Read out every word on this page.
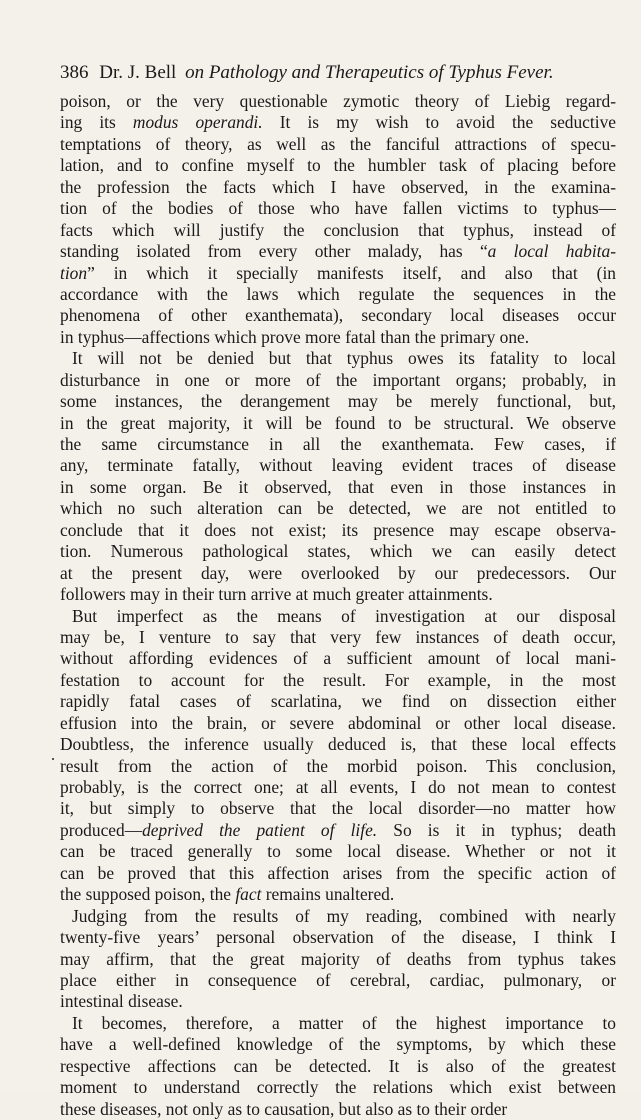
386 Dr. J. Bell on Pathology and Therapeutics of Typhus Fever.
poison, or the very questionable zymotic theory of Liebig regard-
ing its modus operandi. It is my wish to avoid the seductive
temptations of theory, as well as the fanciful attractions of specu-
lation, and to confine myself to the humbler task of placing before
the profession the facts which I have observed, in the examina-
tion of the bodies of those who have fallen victims to typhus—
facts which will justify the conclusion that typhus, instead of
standing isolated from every other malady, has “a local habita-
tion” in which it specially manifests itself, and also that (in
accordance with the laws which regulate the sequences in the
phenomena of other exanthemata), secondary local diseases occur
in typhus—affections which prove more fatal than the primary one.
It will not be denied but that typhus owes its fatality to local
disturbance in one or more of the important organs; probably, in
some instances, the derangement may be merely functional, but,
in the great majority, it will be found to be structural. We observe
the same circumstance in all the exanthemata. Few cases, if
any, terminate fatally, without leaving evident traces of disease
in some organ. Be it observed, that even in those instances in
which no such alteration can be detected, we are not entitled to
conclude that it does not exist; its presence may escape observa-
tion. Numerous pathological states, which we can easily detect
at the present day, were overlooked by our predecessors. Our
followers may in their turn arrive at much greater attainments.
But imperfect as the means of investigation at our disposal
may be, I venture to say that very few instances of death occur,
without affording evidences of a sufficient amount of local mani-
festation to account for the result. For example, in the most
rapidly fatal cases of scarlatina, we find on dissection either
effusion into the brain, or severe abdominal or other local disease.
Doubtless, the inference usually deduced is, that these local effects
result from the action of the morbid poison. This conclusion,
probably, is the correct one; at all events, I do not mean to contest
it, but simply to observe that the local disorder—no matter how
produced—deprived the patient of life. So is it in typhus; death
can be traced generally to some local disease. Whether or not it
can be proved that this affection arises from the specific action of
the supposed poison, the fact remains unaltered.
Judging from the results of my reading, combined with nearly
twenty-five years’ personal observation of the disease, I think I
may affirm, that the great majority of deaths from typhus takes
place either in consequence of cerebral, cardiac, pulmonary, or
intestinal disease.
It becomes, therefore, a matter of the highest importance to
have a well-defined knowledge of the symptoms, by which these
respective affections can be detected. It is also of the greatest
moment to understand correctly the relations which exist between
these diseases, not only as to causation, but also as to their order
